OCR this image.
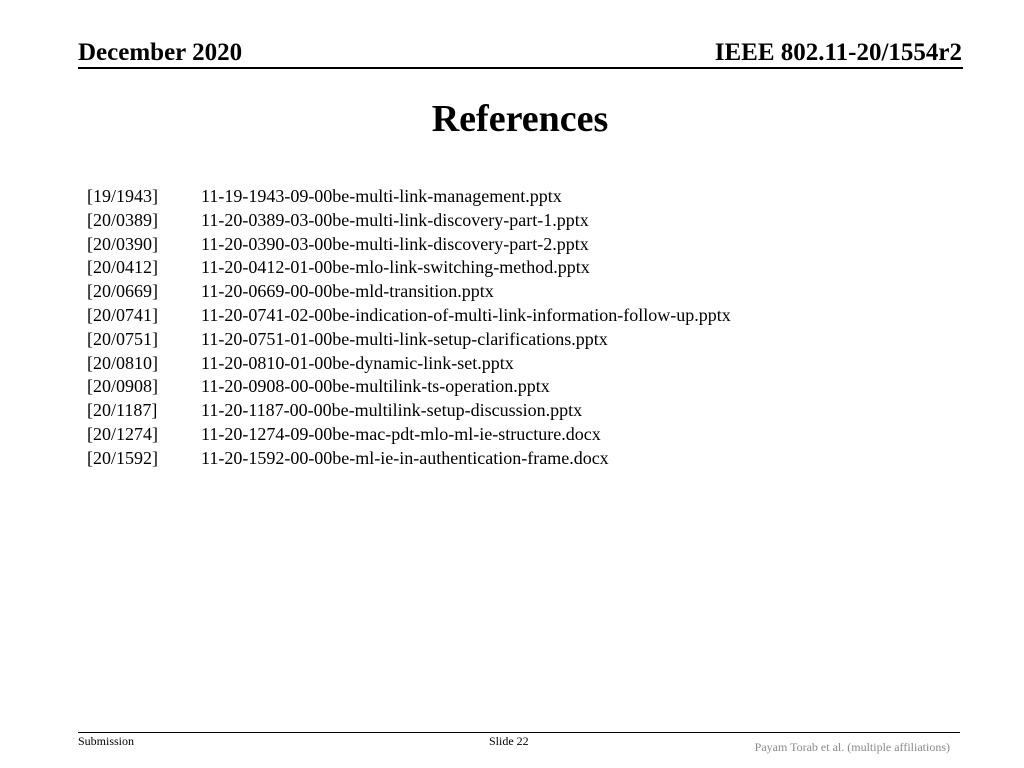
December 2020	IEEE 802.11-20/1554r2
References
[19/1943]	11-19-1943-09-00be-multi-link-management.pptx
[20/0389]	11-20-0389-03-00be-multi-link-discovery-part-1.pptx
[20/0390]	11-20-0390-03-00be-multi-link-discovery-part-2.pptx
[20/0412]	11-20-0412-01-00be-mlo-link-switching-method.pptx
[20/0669]	11-20-0669-00-00be-mld-transition.pptx
[20/0741]	11-20-0741-02-00be-indication-of-multi-link-information-follow-up.pptx
[20/0751]	11-20-0751-01-00be-multi-link-setup-clarifications.pptx
[20/0810]	11-20-0810-01-00be-dynamic-link-set.pptx
[20/0908]	11-20-0908-00-00be-multilink-ts-operation.pptx
[20/1187]	11-20-1187-00-00be-multilink-setup-discussion.pptx
[20/1274]	11-20-1274-09-00be-mac-pdt-mlo-ml-ie-structure.docx
[20/1592]	11-20-1592-00-00be-ml-ie-in-authentication-frame.docx
Submission	Slide 22	Payam Torab et al. (multiple affiliations)
